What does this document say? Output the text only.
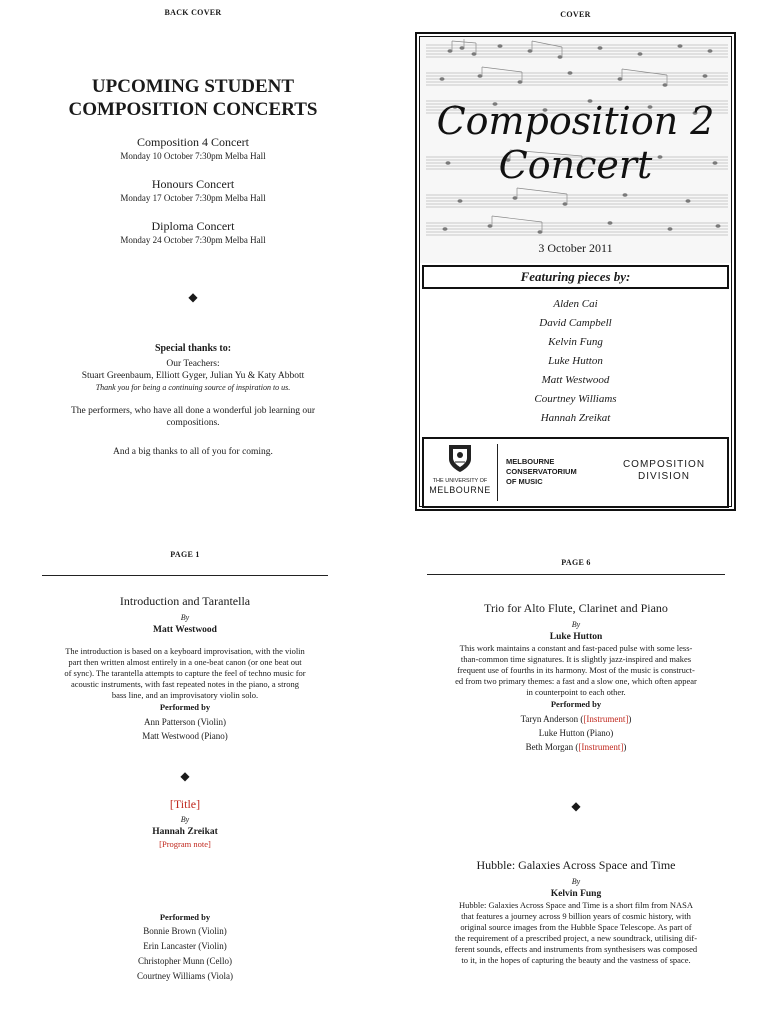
BACK COVER
UPCOMING STUDENT
COMPOSITION CONCERTS
Composition 4 Concert
Monday 10 October 7:30pm Melba Hall
Honours Concert
Monday 17 October 7:30pm Melba Hall
Diploma Concert
Monday 24 October 7:30pm Melba Hall
◆
Special thanks to:
Our Teachers:
Stuart Greenbaum, Elliott Gyger, Julian Yu & Katy Abbott
Thank you for being a continuing source of inspiration to us.
The performers, who have all done a wonderful job learning our
compositions.
And a big thanks to all of you for coming.
COVER
Composition 2
Concert
3 October 2011
Featuring pieces by:
Alden Cai
David Campbell
Kelvin Fung
Luke Hutton
Matt Westwood
Courtney Williams
Hannah Zreikat
THE UNIVERSITY OF
MELBOURNE
MELBOURNE
CONSERVATORIUM
OF MUSIC
COMPOSITION
DIVISION
PAGE 1
Introduction and Tarantella
By
Matt Westwood
The introduction is based on a keyboard improvisation, with the violin
part then written almost entirely in a one-beat canon (or one beat out
of sync). The tarantella attempts to capture the feel of techno music for
acoustic instruments, with fast repeated notes in the piano, a strong
bass line, and an improvisatory violin solo.
Performed by
Ann Patterson (Violin)
Matt Westwood (Piano)
◆
[Title]
By
Hannah Zreikat
[Program note]
Performed by
Bonnie Brown (Violin)
Erin Lancaster (Violin)
Christopher Munn (Cello)
Courtney Williams (Viola)
PAGE 6
Trio for Alto Flute, Clarinet and Piano
By
Luke Hutton
This work maintains a constant and fast-paced pulse with some less-
than-common time signatures. It is slightly jazz-inspired and makes
frequent use of fourths in its harmony. Most of the music is construct-
ed from two primary themes: a fast and a slow one, which often appear
in counterpoint to each other.
Performed by
Taryn Anderson ([Instrument])
Luke Hutton (Piano)
Beth Morgan ([Instrument])
◆
Hubble: Galaxies Across Space and Time
By
Kelvin Fung
Hubble: Galaxies Across Space and Time is a short film from NASA
that features a journey across 9 billion years of cosmic history, with
original source images from the Hubble Space Telescope. As part of
the requirement of a prescribed project, a new soundtrack, utilising dif-
ferent sounds, effects and instruments from synthesisers was composed
to it, in the hopes of capturing the beauty and the vastness of space.
